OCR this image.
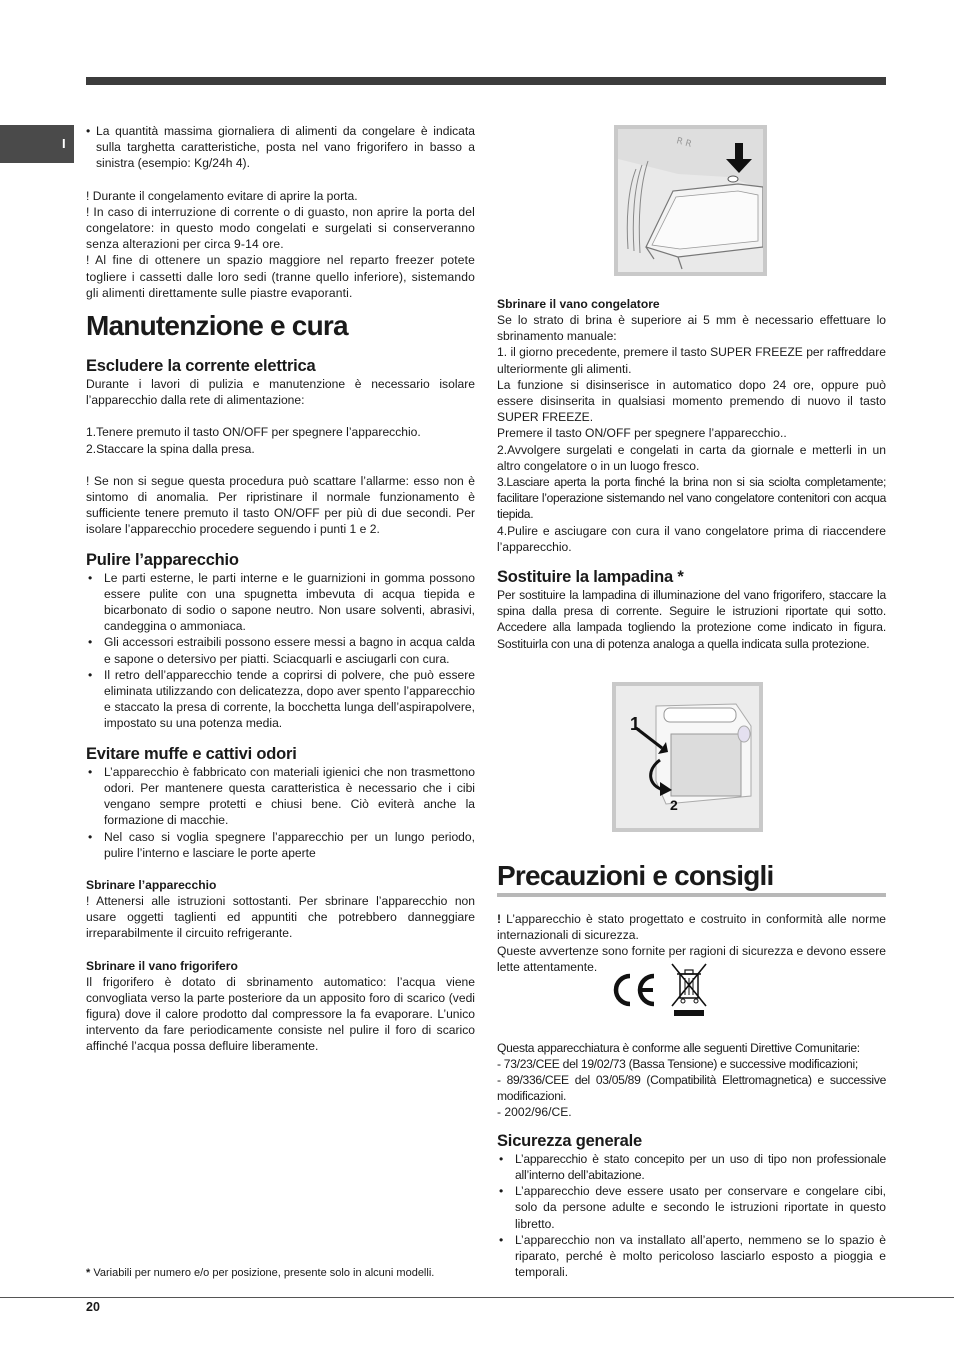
I
• La quantità massima giornaliera di alimenti da congelare è indicata sulla targhetta caratteristiche, posta nel vano frigorifero in basso a sinistra (esempio: Kg/24h 4).

! Durante il congelamento evitare di aprire la porta.

! In caso di interruzione di corrente o di guasto, non aprire la porta del congelatore: in questo modo congelati e surgelati si conserveranno senza alterazioni per circa 9-14 ore.

! Al fine di ottenere un spazio maggiore nel reparto freezer potete togliere i cassetti dalle loro sedi (tranne quello inferiore), sistemando gli alimenti direttamente sulle piastre evaporanti.

Manutenzione e cura
Escludere la corrente elettrica

Durante i lavori di pulizia e manutenzione è necessario isolare l’apparecchio dalla rete di alimentazione:

1.Tenere premuto il tasto ON/OFF per spegnere l’apparecchio.

2.Staccare la spina dalla presa.

! Se non si segue questa procedura può scattare l’allarme: esso non è sintomo di anomalia. Per ripristinare il normale funzionamento è sufficiente tenere premuto il tasto ON/OFF per più di due secondi. Per isolare l’apparecchio procedere seguendo i punti 1 e 2.

Pulire l’apparecchio
• Le parti esterne, le parti interne e le guarnizioni in gomma possono essere pulite con una spugnetta imbevuta di acqua tiepida e bicarbonato di sodio o sapone neutro. Non usare solventi, abrasivi, candeggina o ammoniaca.
• Gli accessori estraibili possono essere messi a bagno in acqua calda e sapone o detersivo per piatti. Sciacquarli e asciugarli con cura.
• Il retro dell’apparecchio tende a coprirsi di polvere, che può essere eliminata utilizzando con delicatezza, dopo aver spento l’apparecchio e staccato la presa di corrente, la bocchetta lunga dell’aspirapolvere, impostato su una potenza media.
Evitare muffe e cattivi odori
• L’apparecchio è fabbricato con materiali igienici che non trasmettono odori. Per mantenere questa caratteristica è necessario che i cibi vengano sempre protetti e chiusi bene. Ciò eviterà anche la formazione di macchie.
• Nel caso si voglia spegnere l’apparecchio per un lungo periodo, pulire l’interno e lasciare le porte aperte
Sbrinare l’apparecchio

! Attenersi alle istruzioni sottostanti. Per sbrinare l’apparecchio non usare oggetti taglienti ed appuntiti che potrebbero danneggiare irreparabilmente il circuito refrigerante.

Sbrinare il vano frigorifero

Il frigorifero è dotato di sbrinamento automatico: l’acqua viene convogliata verso la parte posteriore da un apposito foro di scarico (vedi figura) dove il calore prodotto dal compressore la fa evaporare. L’unico intervento da fare periodicamente consiste nel pulire il foro di scarico affinché l’acqua possa defluire liberamente.

R R
Sbrinare il vano congelatore

Se lo strato di brina è superiore ai 5 mm è necessario effettuare lo sbrinamento manuale:

1. il giorno precedente, premere il tasto SUPER FREEZE per raffreddare ulteriormente gli alimenti.

La funzione si disinserisce in automatico dopo 24 ore, oppure può essere disinserita in qualsiasi momento premendo di nuovo il tasto SUPER FREEZE.

Premere il tasto ON/OFF per spegnere l’apparecchio..

2.Avvolgere surgelati e congelati in carta da giornale e metterli in un altro congelatore o in un luogo fresco.

3.Lasciare aperta la porta finché la brina non si sia sciolta completamente; facilitare l’operazione sistemando nel vano congelatore contenitori con acqua tiepida.

4.Pulire e asciugare con cura il vano congelatore prima di riaccendere l’apparecchio.

Sostituire la lampadina *

Per sostituire la lampadina di illuminazione del vano frigorifero, staccare la spina dalla presa di corrente. Seguire le istruzioni riportate qui sotto. Accedere alla lampada togliendo la protezione come indicato in figura. Sostituirla con una di potenza analoga a quella indicata sulla protezione.

Precauzioni e consigli

! L’apparecchio è stato progettato e costruito in conformità alle norme internazionali di sicurezza.

Queste avvertenze sono fornite per ragioni di sicurezza e devono essere lette attentamente.

Questa apparecchiatura è conforme alle seguenti Direttive Comunitarie:

- 73/23/CEE del 19/02/73 (Bassa Tensione) e successive modificazioni;

- 89/336/CEE del 03/05/89 (Compatibilità Elettromagnetica) e successive modificazioni.

- 2002/96/CE.

Sicurezza generale
• L’apparecchio è stato concepito per un uso di tipo non professionale all’interno dell’abitazione.
• L’apparecchio deve essere usato per conservare e congelare cibi, solo da persone adulte e secondo le istruzioni riportate in questo libretto.
• L’apparecchio non va installato all’aperto, nemmeno se lo spazio è riparato, perché è molto pericoloso lasciarlo esposto a pioggia e temporali.
1
2
* Variabili per numero e/o per posizione, presente solo in alcuni modelli.
20
